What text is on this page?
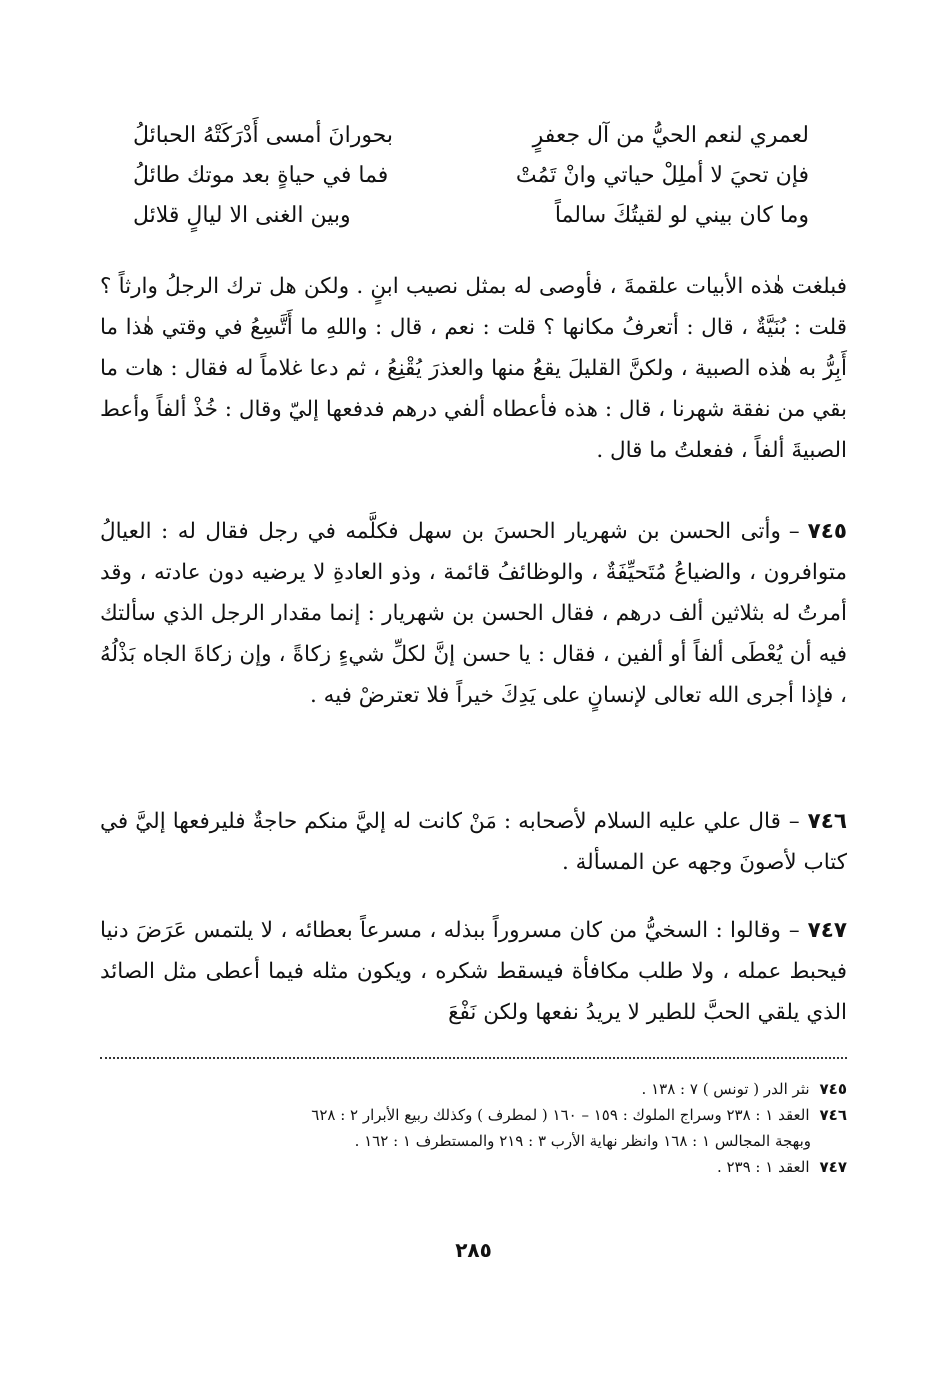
لعمري لنعم الحيُّ من آل جعفرٍ
بحورانَ أمسى أَدْرَكَتْهُ الحبائلُ
فإن تحيَ لا أملِلْ حياتي وانْ تَمُتْ
فما في حياةٍ بعد موتك طائلُ
وما كان بيني لو لقيتُكَ سالماً
وبين الغنى الا ليالٍ قلائل

فبلغت هٰذه الأبيات علقمةَ ، فأوصى له بمثل نصيب ابنٍ . ولكن هل ترك الرجلُ وارثاً ؟ قلت : بُنَيَّةٌ ، قال : أتعرفُ مكانها ؟ قلت : نعم ، قال : واللهِ ما أَتَّسِعُ في وقتي هٰذا ما أَبِرُّ به هٰذه الصبية ، ولكنَّ القليلَ يقعُ منها والعذرَ يُقْنِعُ ، ثم دعا غلاماً له فقال : هات ما بقي من نفقة شهرنا ، قال : هذه فأعطاه ألفي درهم فدفعها إليّ وقال : خُذْ ألفاً وأعط الصبيةَ ألفاً ، ففعلتُ ما قال .

٧٤٥–وأتى الحسن بن شهريار الحسنَ بن سهل فكلَّمه في رجل فقال له : العيالُ متوافرون ، والضياعُ مُتَحيِّفَةٌ ، والوظائفُ قائمة ، وذو العادةِ لا يرضيه دون عادته ، وقد أمرتُ له بثلاثين ألف درهم ، فقال الحسن بن شهريار : إنما مقدار الرجل الذي سألتك فيه أن يُعْطَى ألفاً أو ألفين ، فقال : يا حسن إنَّ لكلِّ شيءٍ زكاةً ، وإن زكاةَ الجاه بَذْلُهُ ، فإذا أجرى الله تعالى لإنسانٍ على يَدِكَ خيراً فلا تعترضْ فيه .

٧٤٦–قال علي عليه السلام لأصحابه : مَنْ كانت له إليَّ منكم حاجةٌ فليرفعها إليَّ في كتاب لأصونَ وجهه عن المسألة .

٧٤٧–وقالوا : السخيُّ من كان مسروراً ببذله ، مسرعاً بعطائه ، لا يلتمس عَرَضَ دنيا فيحبط عمله ، ولا طلب مكافأة فيسقط شكره ، ويكون مثله فيما أعطى مثل الصائد الذي يلقي الحبَّ للطير لا يريدُ نفعها ولكن نَفْعَ

٧٤٥نثر الدر ( تونس ) ٧ : ١٣٨ .
٧٤٦العقد ١ : ٢٣٨ وسراج الملوك : ١٥٩ – ١٦٠ ( لمطرف ) وكذلك ربيع الأبرار ٢ : ٦٢٨
وبهجة المجالس ١ : ١٦٨ وانظر نهاية الأرب ٣ : ٢١٩ والمستطرف ١ : ١٦٢ .
٧٤٧العقد ١ : ٢٣٩ .
٢٨٥
